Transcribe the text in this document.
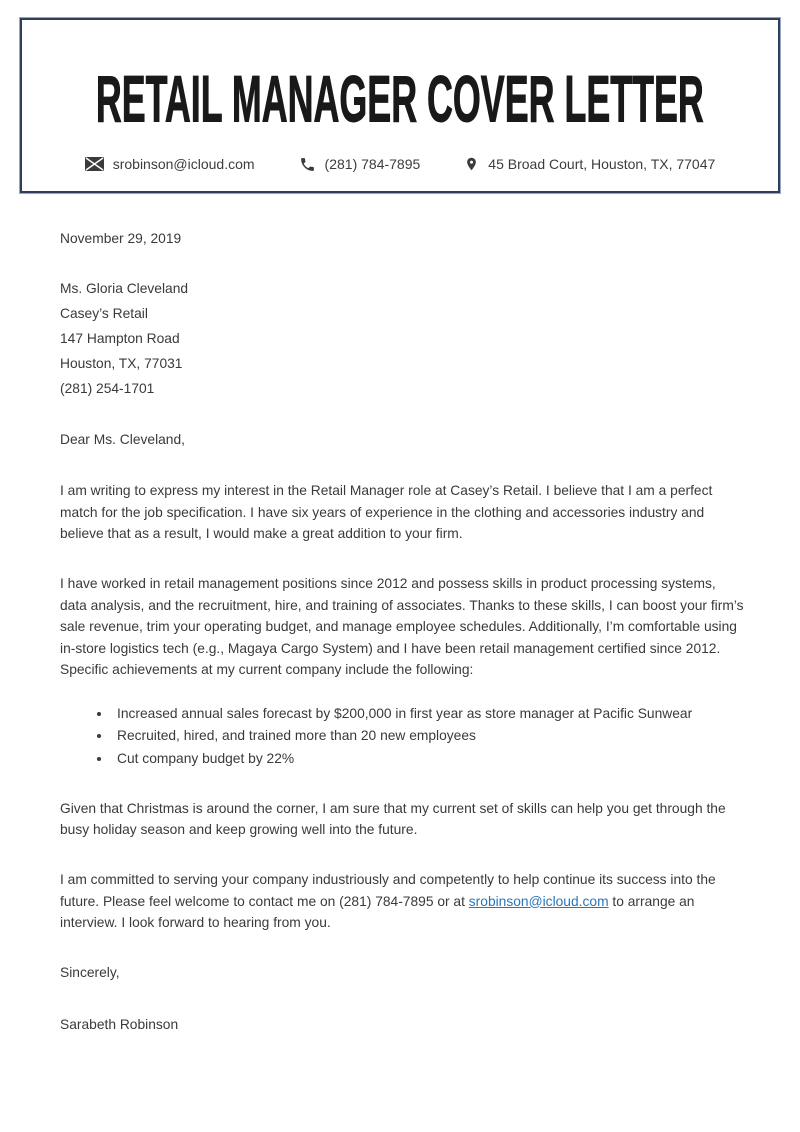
RETAIL MANAGER COVER LETTER
srobinson@icloud.com	(281) 784-7895	45 Broad Court, Houston, TX, 77047

November 29, 2019

Ms. Gloria Cleveland

Casey’s Retail

147 Hampton Road

Houston, TX, 77031

(281) 254-1701

Dear Ms. Cleveland,

I am writing to express my interest in the Retail Manager role at Casey’s Retail. I believe that I am a perfect match for the job specification. I have six years of experience in the clothing and accessories industry and believe that as a result, I would make a great addition to your firm.

I have worked in retail management positions since 2012 and possess skills in product processing systems, data analysis, and the recruitment, hire, and training of associates. Thanks to these skills, I can boost your firm’s sale revenue, trim your operating budget, and manage employee schedules. Additionally, I’m comfortable using in-store logistics tech (e.g., Magaya Cargo System) and I have been retail management certified since 2012. Specific achievements at my current company include the following:

• Increased annual sales forecast by $200,000 in first year as store manager at Pacific Sunwear
• Recruited, hired, and trained more than 20 new employees
• Cut company budget by 22%

Given that Christmas is around the corner, I am sure that my current set of skills can help you get through the busy holiday season and keep growing well into the future.

I am committed to serving your company industriously and competently to help continue its success into the future. Please feel welcome to contact me on (281) 784-7895 or at srobinson@icloud.com to arrange an interview. I look forward to hearing from you.

Sincerely,

Sarabeth Robinson
